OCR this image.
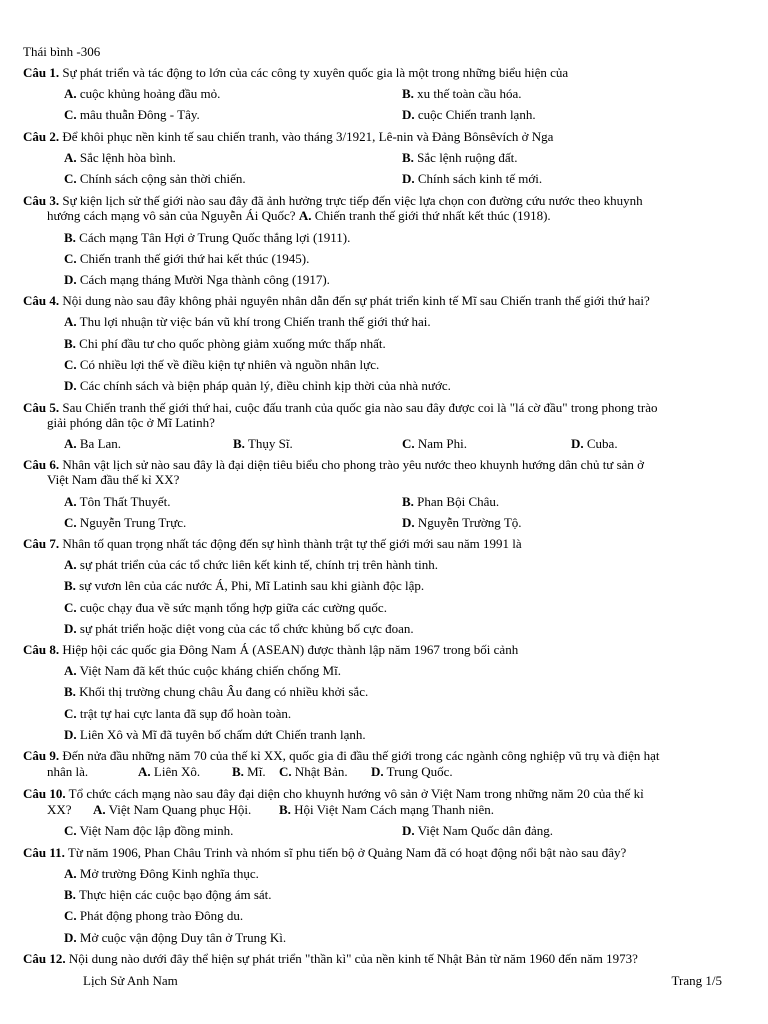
Thái bình -306
Câu 1. Sự phát triển và tác động to lớn của các công ty xuyên quốc gia là một trong những biểu hiện của
A. cuộc khủng hoảng đầu mỏ.	B. xu thế toàn cầu hóa.
C. mâu thuẫn Đông - Tây.	D. cuộc Chiến tranh lạnh.
Câu 2. Để khôi phục nền kinh tế sau chiến tranh, vào tháng 3/1921, Lê-nin và Đảng Bônsêvích ở Nga
A. Sắc lệnh hòa bình.	B. Sắc lệnh ruộng đất.
C. Chính sách cộng sản thời chiến.	D. Chính sách kinh tế mới.
Câu 3. Sự kiện lịch sử thế giới nào sau đây đã ảnh hưởng trực tiếp đến việc lựa chọn con đường cứu nước theo khuynh
hướng cách mạng vô sản của Nguyễn Ái Quốc? A. Chiến tranh thế giới thứ nhất kết thúc (1918).
B. Cách mạng Tân Hợi ở Trung Quốc thắng lợi (1911).
C. Chiến tranh thế giới thứ hai kết thúc (1945).
D. Cách mạng tháng Mười Nga thành công (1917).
Câu 4. Nội dung nào sau đây không phải nguyên nhân dẫn đến sự phát triển kinh tế Mĩ sau Chiến tranh thế giới thứ hai?
A. Thu lợi nhuận từ việc bán vũ khí trong Chiến tranh thế giới thứ hai.
B. Chi phí đầu tư cho quốc phòng giảm xuống mức thấp nhất.
C. Có nhiều lợi thế về điều kiện tự nhiên và nguồn nhân lực.
D. Các chính sách và biện pháp quản lý, điều chỉnh kịp thời của nhà nước.
Câu 5. Sau Chiến tranh thế giới thứ hai, cuộc đấu tranh của quốc gia nào sau đây được coi là "lá cờ đầu" trong phong trào
giải phóng dân tộc ở Mĩ Latinh?
A. Ba Lan.	B. Thụy Sĩ.	C. Nam Phi.	D. Cuba.
Câu 6. Nhân vật lịch sử nào sau đây là đại diện tiêu biểu cho phong trào yêu nước theo khuynh hướng dân chủ tư sản ở
Việt Nam đầu thế kỉ XX?
A. Tôn Thất Thuyết.	B. Phan Bội Châu.
C. Nguyễn Trung Trực.	D. Nguyễn Trường Tộ.
Câu 7. Nhân tố quan trọng nhất tác động đến sự hình thành trật tự thế giới mới sau năm 1991 là
A. sự phát triển của các tổ chức liên kết kinh tế, chính trị trên hành tinh.
B. sự vươn lên của các nước Á, Phi, Mĩ Latinh sau khi giành độc lập.
C. cuộc chạy đua về sức mạnh tổng hợp giữa các cường quốc.
D. sự phát triển hoặc diệt vong của các tổ chức khủng bố cực đoan.
Câu 8. Hiệp hội các quốc gia Đông Nam Á (ASEAN) được thành lập năm 1967 trong bối cảnh
A. Việt Nam đã kết thúc cuộc kháng chiến chống Mĩ.
B. Khối thị trường chung châu Âu đang có nhiều khởi sắc.
C. trật tự hai cực lanta đã sụp đổ hoàn toàn.
D. Liên Xô và Mĩ đã tuyên bố chấm dứt Chiến tranh lạnh.
Câu 9. Đến nửa đầu những năm 70 của thế kỉ XX, quốc gia đi đầu thế giới trong các ngành công nghiệp vũ trụ và điện hạt
nhân là.	A. Liên Xô. B. Mĩ. C. Nhật Bản. D. Trung Quốc.
Câu 10. Tổ chức cách mạng nào sau đây đại diện cho khuynh hướng vô sản ở Việt Nam trong những năm 20 của thế kỉ
XX? A. Việt Nam Quang phục Hội. B. Hội Việt Nam Cách mạng Thanh niên.
C. Việt Nam độc lập đồng minh.	D. Việt Nam Quốc dân đảng.
Câu 11. Từ năm 1906, Phan Châu Trinh và nhóm sĩ phu tiến bộ ở Quảng Nam đã có hoạt động nổi bật nào sau đây?
A. Mở trường Đông Kinh nghĩa thục.
B. Thực hiện các cuộc bạo động ám sát.
C. Phát động phong trào Đông du.
D. Mở cuộc vận động Duy tân ở Trung Kì.
Câu 12. Nội dung nào dưới đây thể hiện sự phát triển "thần kì" của nền kinh tế Nhật Bản từ năm 1960 đến năm 1973?
Lịch Sử Anh Nam	Trang 1/5
